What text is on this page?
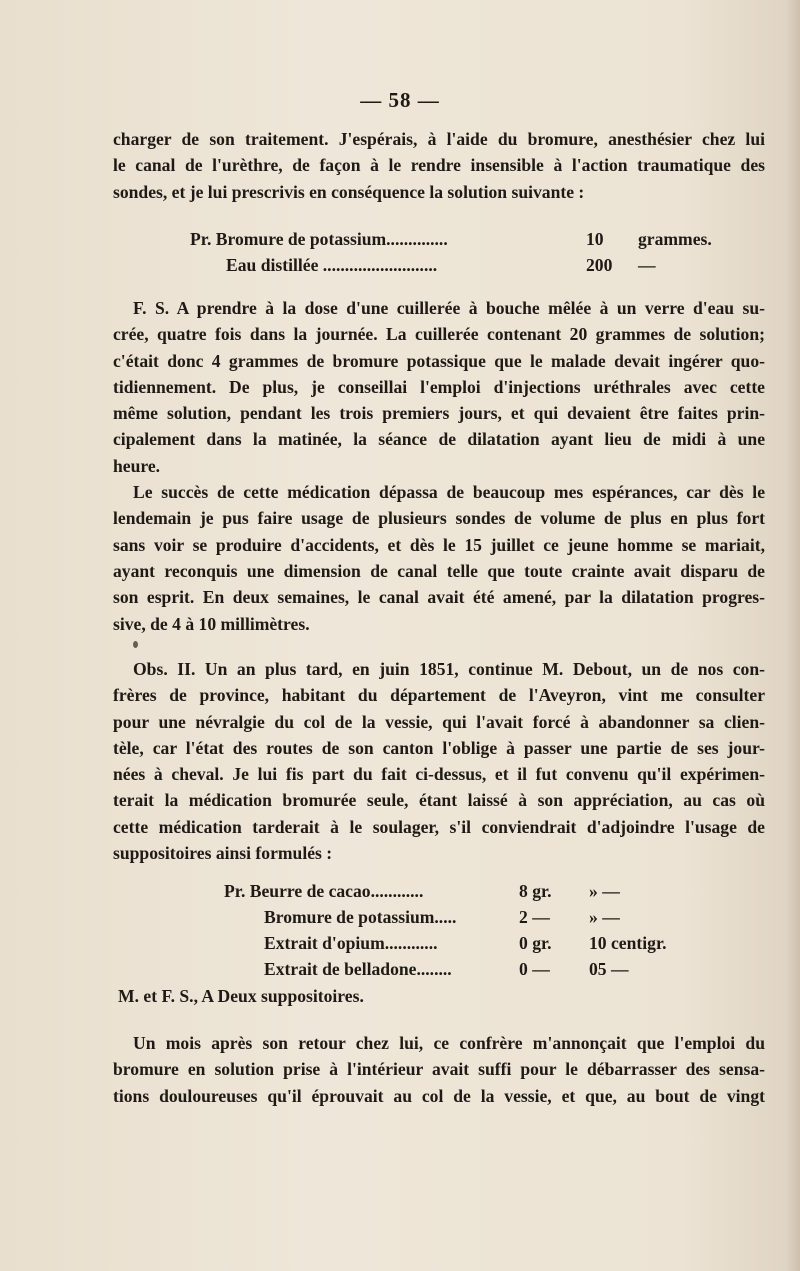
— 58 —
charger de son traitement. J'espérais, à l'aide du bromure, anesthésier chez lui
le canal de l'urèthre, de façon à le rendre insensible à l'action traumatique des
sondes, et je lui prescrivis en conséquence la solution suivante :
Pr. Bromure de potassium..............	10 grammes.
Eau distillée ..........................	200 —
F. S. A prendre à la dose d'une cuillerée à bouche mêlée à un verre d'eau su-
crée, quatre fois dans la journée. La cuillerée contenant 20 grammes de solution;
c'était donc 4 grammes de bromure potassique que le malade devait ingérer quo-
tidiennement. De plus, je conseillai l'emploi d'injections uréthrales avec cette
même solution, pendant les trois premiers jours, et qui devaient être faites prin-
cipalement dans la matinée, la séance de dilatation ayant lieu de midi à une
heure.
Le succès de cette médication dépassa de beaucoup mes espérances, car dès le
lendemain je pus faire usage de plusieurs sondes de volume de plus en plus fort
sans voir se produire d'accidents, et dès le 15 juillet ce jeune homme se mariait,
ayant reconquis une dimension de canal telle que toute crainte avait disparu de
son esprit. En deux semaines, le canal avait été amené, par la dilatation progres-
sive, de 4 à 10 millimètres.
Obs. II. Un an plus tard, en juin 1851, continue M. Debout, un de nos con-
frères de province, habitant du département de l'Aveyron, vint me consulter
pour une névralgie du col de la vessie, qui l'avait forcé à abandonner sa clien-
tèle, car l'état des routes de son canton l'oblige à passer une partie de ses jour-
nées à cheval. Je lui fis part du fait ci-dessus, et il fut convenu qu'il expérimen-
terait la médication bromurée seule, étant laissé à son appréciation, au cas où
cette médication tarderait à le soulager, s'il conviendrait d'adjoindre l'usage de
suppositoires ainsi formulés :
Pr. Beurre de cacao............	8 gr. » —
Bromure de potassium.....	2 — » —
Extrait d'opium............	0 gr. 10 centigr.
Extrait de belladone........	0 — 05 —
M. et F. S., A Deux suppositoires.
Un mois après son retour chez lui, ce confrère m'annonçait que l'emploi du
bromure en solution prise à l'intérieur avait suffi pour le débarrasser des sensa-
tions douloureuses qu'il éprouvait au col de la vessie, et que, au bout de vingt
